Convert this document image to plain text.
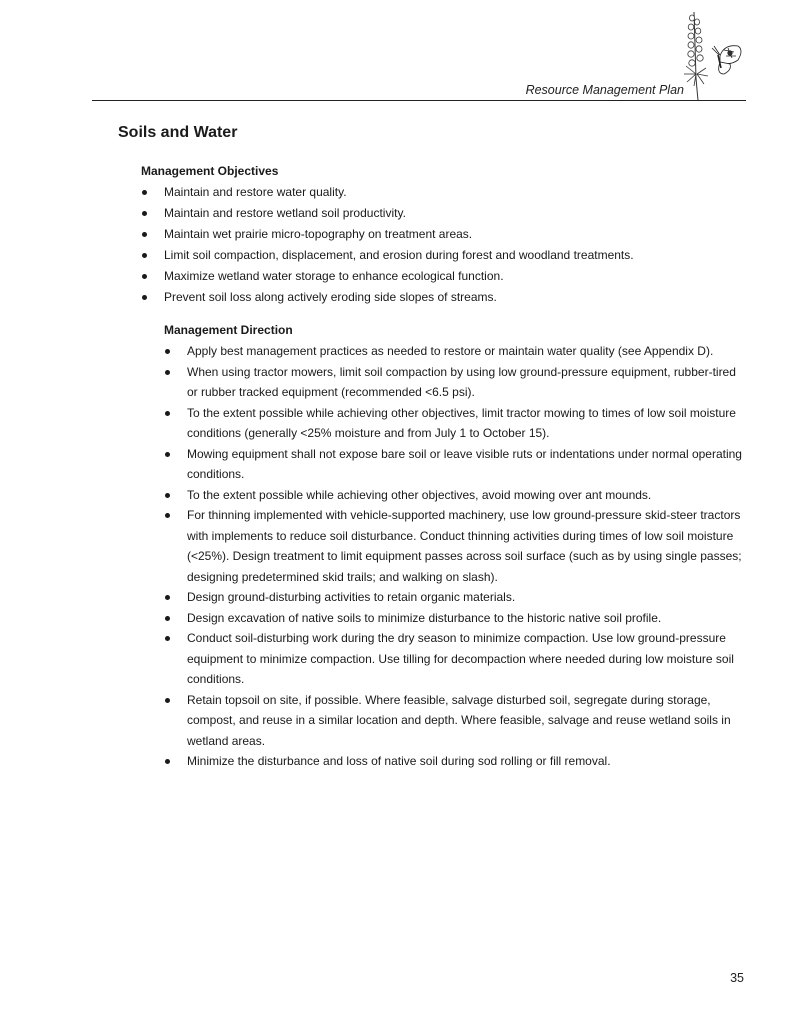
Resource Management Plan
Soils and Water

Management Objectives

Maintain and restore water quality.
Maintain and restore wetland soil productivity.
Maintain wet prairie micro-topography on treatment areas.
Limit soil compaction, displacement, and erosion during forest and woodland treatments.
Maximize wetland water storage to enhance ecological function.
Prevent soil loss along actively eroding side slopes of streams.

Management Direction

Apply best management practices as needed to restore or maintain water quality (see Appendix D).
When using tractor mowers, limit soil compaction by using low ground-pressure equipment, rubber-tired or rubber tracked equipment (recommended <6.5 psi).
To the extent possible while achieving other objectives, limit tractor mowing to times of low soil moisture conditions (generally <25% moisture and from July 1 to October 15).
Mowing equipment shall not expose bare soil or leave visible ruts or indentations under normal operating conditions.
To the extent possible while achieving other objectives, avoid mowing over ant mounds.
For thinning implemented with vehicle-supported machinery, use low ground-pressure skid-steer tractors with implements to reduce soil disturbance. Conduct thinning activities during times of low soil moisture (<25%). Design treatment to limit equipment passes across soil surface (such as by using single passes; designing predetermined skid trails; and walking on slash).
Design ground-disturbing activities to retain organic materials.
Design excavation of native soils to minimize disturbance to the historic native soil profile.
Conduct soil-disturbing work during the dry season to minimize compaction. Use low ground-pressure equipment to minimize compaction. Use tilling for decompaction where needed during low moisture soil conditions.
Retain topsoil on site, if possible. Where feasible, salvage disturbed soil, segregate during storage, compost, and reuse in a similar location and depth. Where feasible, salvage and reuse wetland soils in wetland areas.
Minimize the disturbance and loss of native soil during sod rolling or fill removal.
35
